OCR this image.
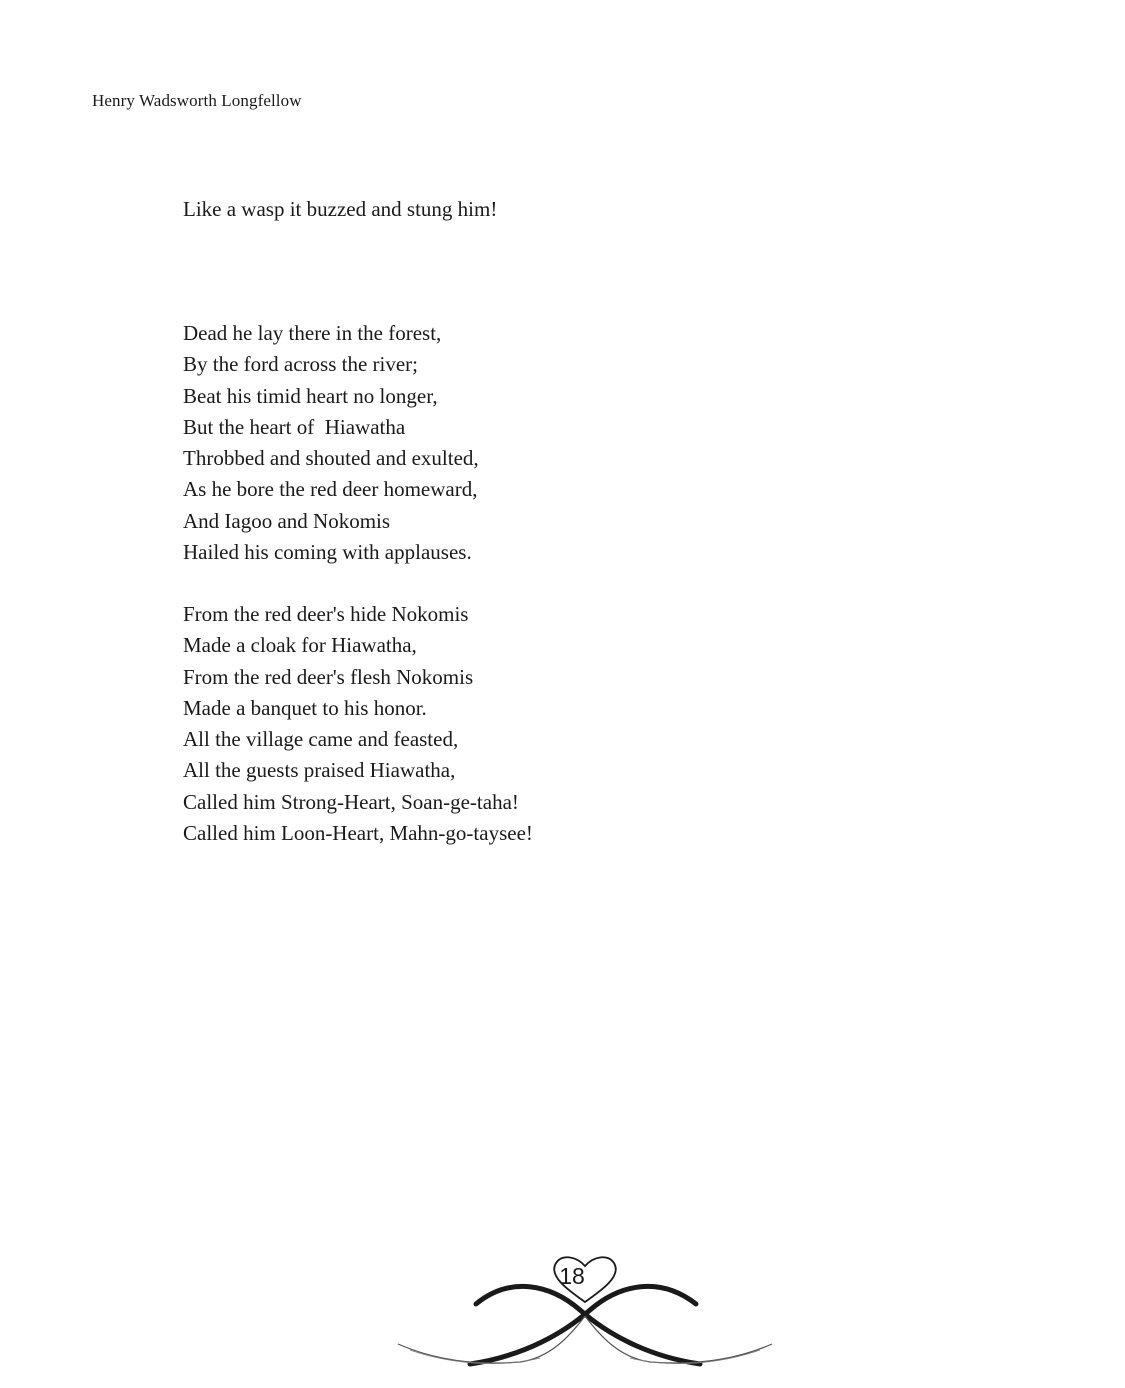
Henry Wadsworth Longfellow
Like a wasp it buzzed and stung him!
Dead he lay there in the forest,
By the ford across the river;
Beat his timid heart no longer,
But the heart of  Hiawatha
Throbbed and shouted and exulted,
As he bore the red deer homeward,
And Iagoo and Nokomis
Hailed his coming with applauses.
From the red deer's hide Nokomis
Made a cloak for Hiawatha,
From the red deer's flesh Nokomis
Made a banquet to his honor.
All the village came and feasted,
All the guests praised Hiawatha,
Called him Strong-Heart, Soan-ge-taha!
Called him Loon-Heart, Mahn-go-taysee!
18
